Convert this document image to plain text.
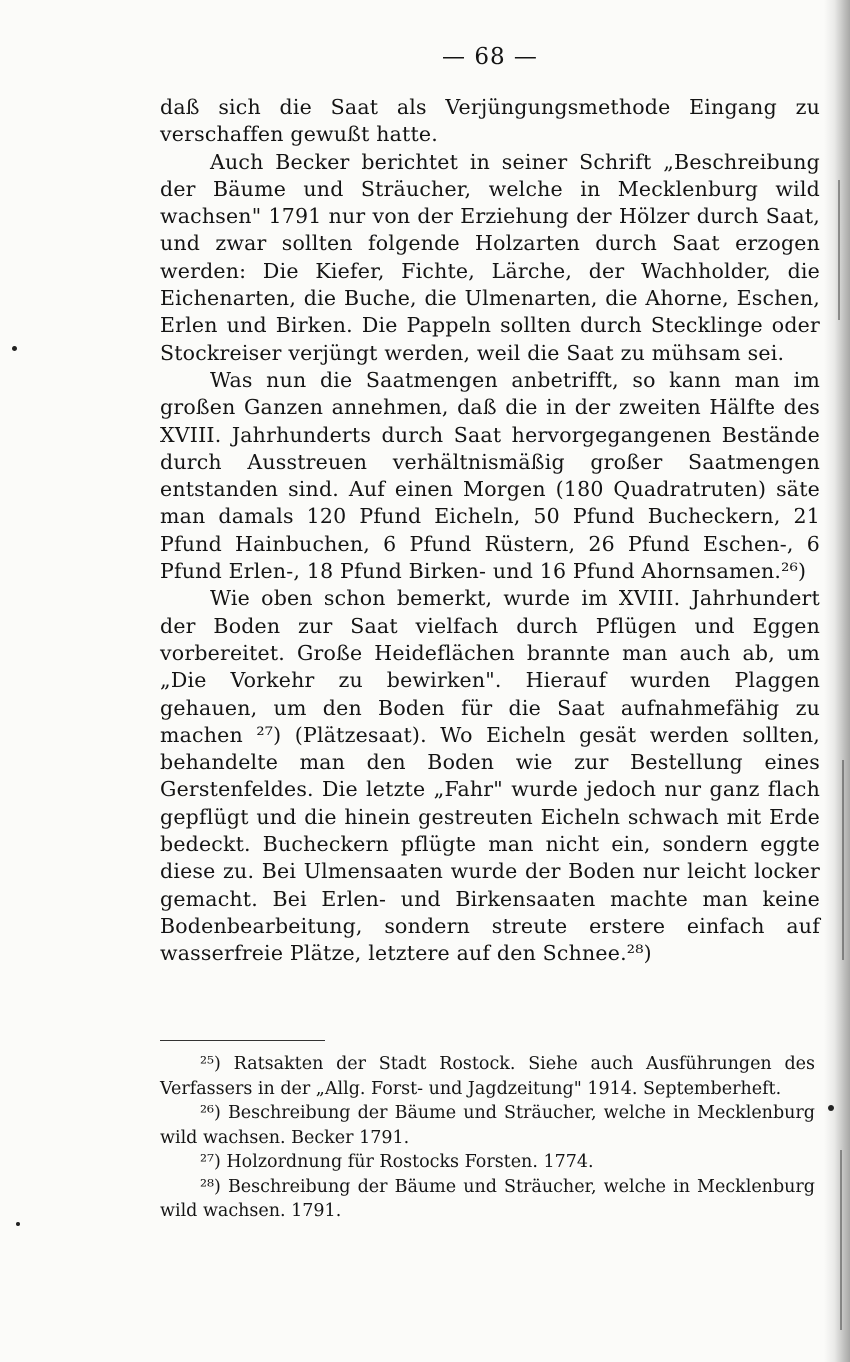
— 68 —

daß sich die Saat als Verjüngungsmethode Eingang zu verschaffen gewußt hatte.

Auch Becker berichtet in seiner Schrift „Beschreibung der Bäume und Sträucher, welche in Mecklenburg wild wachsen" 1791 nur von der Erziehung der Hölzer durch Saat, und zwar sollten folgende Holzarten durch Saat erzogen werden: Die Kiefer, Fichte, Lärche, der Wachholder, die Eichenarten, die Buche, die Ulmenarten, die Ahorne, Eschen, Erlen und Birken. Die Pappeln sollten durch Stecklinge oder Stockreiser verjüngt werden, weil die Saat zu mühsam sei.

Was nun die Saatmengen anbetrifft, so kann man im großen Ganzen annehmen, daß die in der zweiten Hälfte des XVIII. Jahrhunderts durch Saat hervorgegangenen Bestände durch Ausstreuen verhältnismäßig großer Saatmengen entstanden sind. Auf einen Morgen (180 Quadratruten) säte man damals 120 Pfund Eicheln, 50 Pfund Bucheckern, 21 Pfund Hainbuchen, 6 Pfund Rüstern, 26 Pfund Eschen-, 6 Pfund Erlen-, 18 Pfund Birken- und 16 Pfund Ahornsamen.²⁶)

Wie oben schon bemerkt, wurde im XVIII. Jahrhundert der Boden zur Saat vielfach durch Pflügen und Eggen vorbereitet. Große Heideflächen brannte man auch ab, um „Die Vorkehr zu bewirken". Hierauf wurden Plaggen gehauen, um den Boden für die Saat aufnahmefähig zu machen ²⁷) (Plätzesaat). Wo Eicheln gesät werden sollten, behandelte man den Boden wie zur Bestellung eines Gerstenfeldes. Die letzte „Fahr" wurde jedoch nur ganz flach gepflügt und die hinein gestreuten Eicheln schwach mit Erde bedeckt. Bucheckern pflügte man nicht ein, sondern eggte diese zu. Bei Ulmensaaten wurde der Boden nur leicht locker gemacht. Bei Erlen- und Birkensaaten machte man keine Bodenbearbeitung, sondern streute erstere einfach auf wasserfreie Plätze, letztere auf den Schnee.²⁸)

²⁵) Ratsakten der Stadt Rostock. Siehe auch Ausführungen des Verfassers in der „Allg. Forst- und Jagdzeitung" 1914. Septemberheft.

²⁶) Beschreibung der Bäume und Sträucher, welche in Mecklenburg wild wachsen. Becker 1791.

²⁷) Holzordnung für Rostocks Forsten. 1774.

²⁸) Beschreibung der Bäume und Sträucher, welche in Mecklenburg wild wachsen. 1791.
